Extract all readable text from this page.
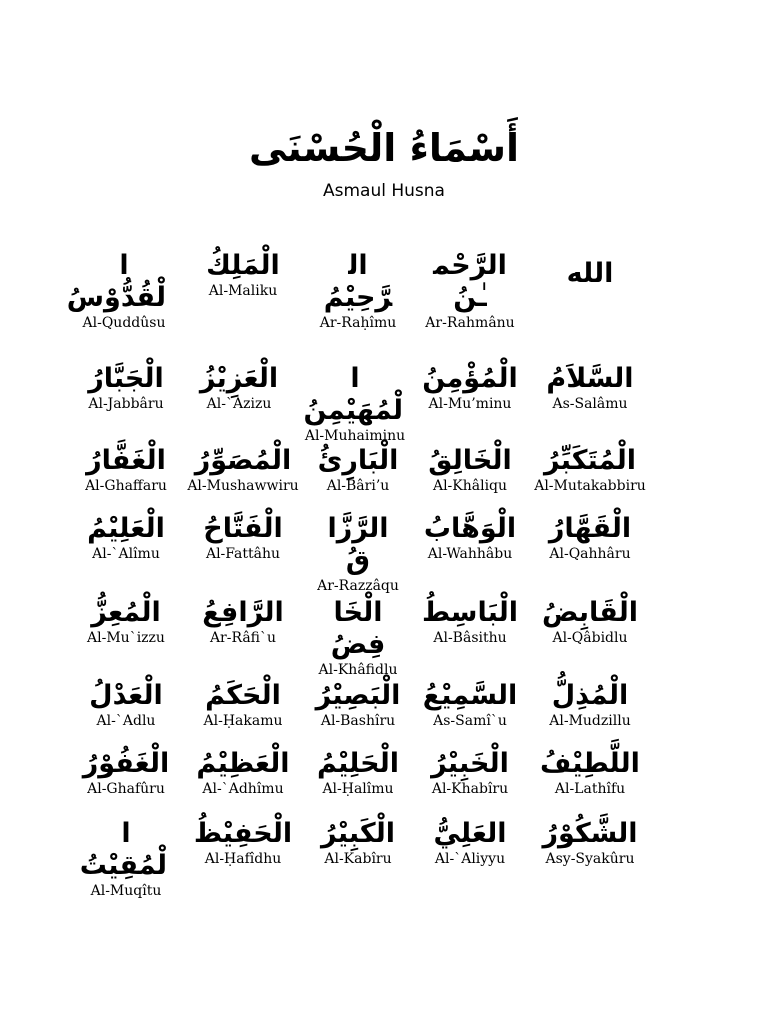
أَسْمَاءُ الْحُسْنَى
Asmaul Husna
الْقُدُّوْسُ
Al-Quddûsu
الْمَلِكُ
Al-Maliku
الرَّحِيْمُ
Ar-Raḥîmu
الرَّحْمـٰنُ
Ar-Rahmânu
الله
الْجَبَّارُ
Al-Jabbâru
الْعَزِيْزُ
Al-`Azizu
الْمُهَيْمِنُ
Al-Muhaiminu
الْمُؤْمِنُ
Al-Mu’minu
السَّلاَمُ
As-Salâmu
الْغَفَّارُ
Al-Ghaffaru
الْمُصَوِّرُ
Al-Mushawwiru
الْبَارِئُ
Al-Bâri’u
الْخَالِقُ
Al-Khâliqu
الْمُتَكَبِّرُ
Al-Mutakabbiru
الْعَلِيْمُ
Al-`Alîmu
الْفَتَّاحُ
Al-Fattâhu
الرَّزَّاقُ
Ar-Razzâqu
الْوَهَّابُ
Al-Wahhâbu
الْقَهَّارُ
Al-Qahhâru
الْمُعِزُّ
Al-Mu`izzu
الرَّافِعُ
Ar-Râfi`u
الْخَافِضُ
Al-Khâfidlu
الْبَاسِطُ
Al-Bâsithu
الْقَابِضُ
Al-Qâbidlu
الْعَدْلُ
Al-`Adlu
الْحَكَمُ
Al-Ḥakamu
الْبَصِيْرُ
Al-Bashîru
السَّمِيْعُ
As-Samî`u
الْمُذِلُّ
Al-Mudzillu
الْغَفُوْرُ
Al-Ghafûru
الْعَظِيْمُ
Al-`Adhîmu
الْحَلِيْمُ
Al-Ḥalîmu
الْخَبِيْرُ
Al-Khabîru
اللَّطِيْفُ
Al-Lathîfu
الْمُقِيْتُ
Al-Muqîtu
الْحَفِيْظُ
Al-Ḥafîdhu
الْكَبِيْرُ
Al-Kabîru
العَلِيُّ
Al-`Aliyyu
الشَّكُوْرُ
Asy-Syakûru
